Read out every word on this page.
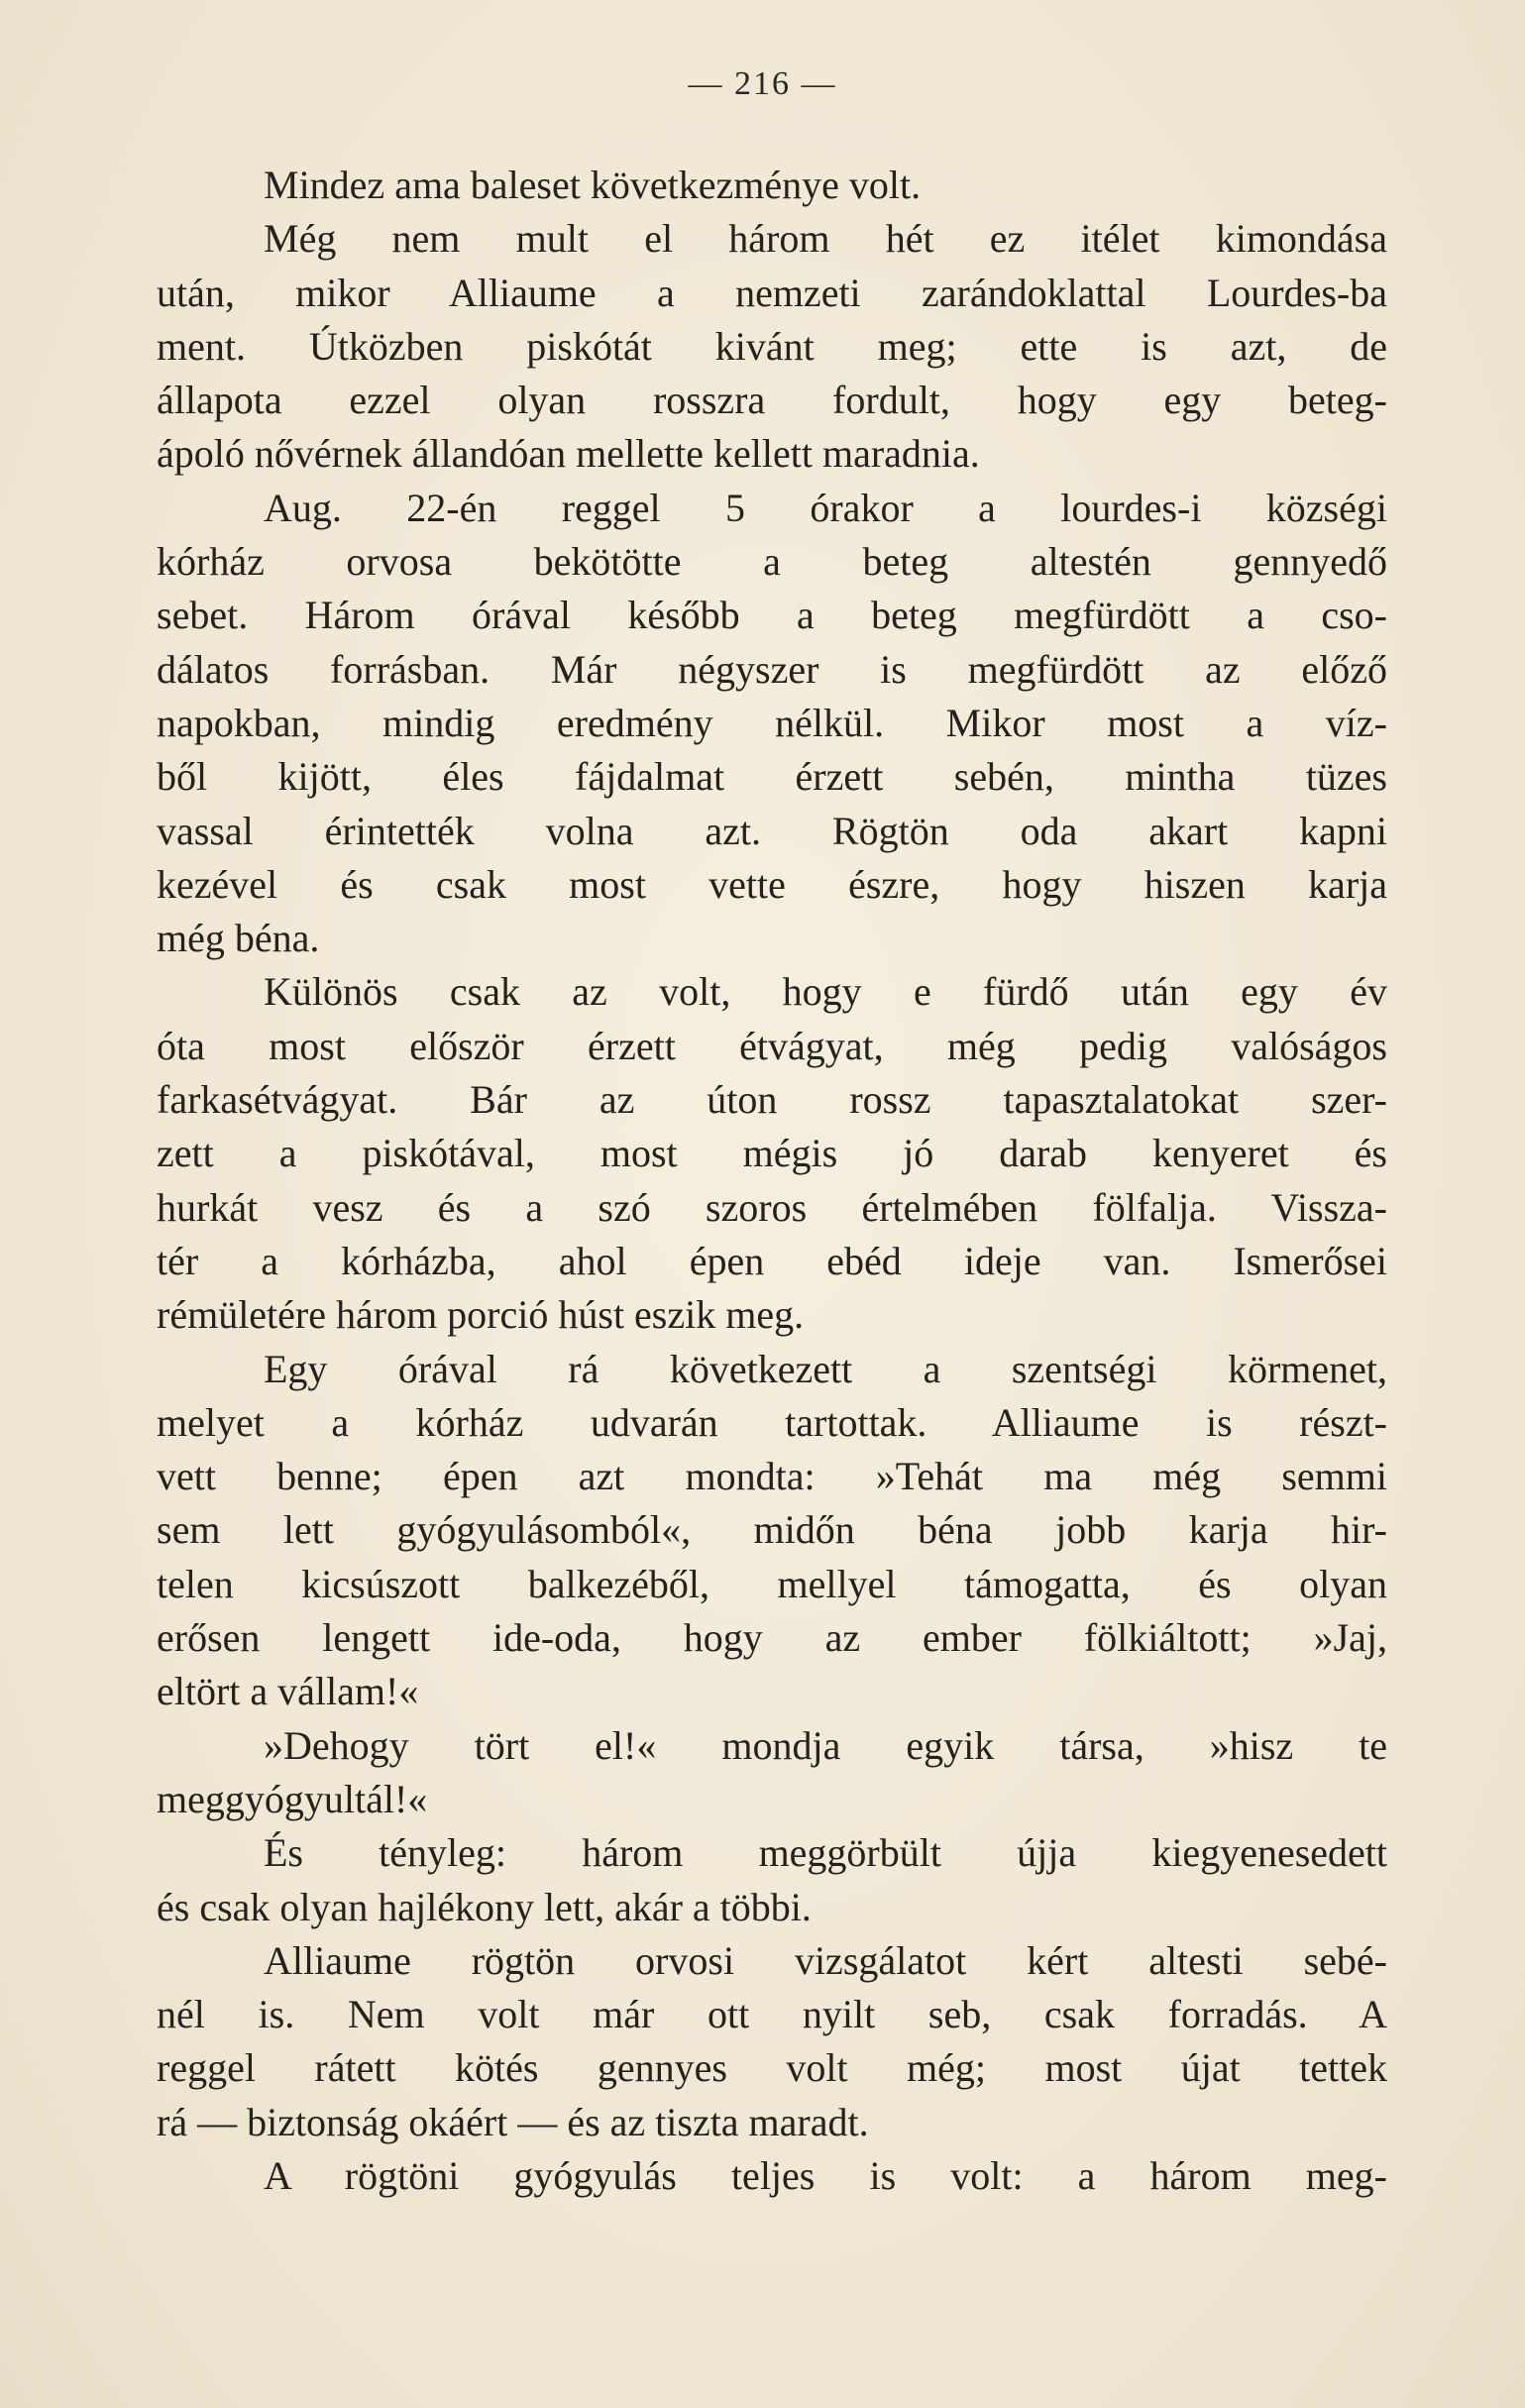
— 216 —
Mindez ama baleset következménye volt.
Még nem mult el három hét ez itélet kimondása
után, mikor Alliaume a nemzeti zarándoklattal Lourdes-ba
ment. Útközben piskótát kivánt meg; ette is azt, de
állapota ezzel olyan rosszra fordult, hogy egy beteg-
ápoló nővérnek állandóan mellette kellett maradnia.
Aug. 22-én reggel 5 órakor a lourdes-i községi
kórház orvosa bekötötte a beteg altestén gennyedő
sebet. Három órával később a beteg megfürdött a cso-
dálatos forrásban. Már négyszer is megfürdött az előző
napokban, mindig eredmény nélkül. Mikor most a víz-
ből kijött, éles fájdalmat érzett sebén, mintha tüzes
vassal érintették volna azt. Rögtön oda akart kapni
kezével és csak most vette észre, hogy hiszen karja
még béna.
Különös csak az volt, hogy e fürdő után egy év
óta most először érzett étvágyat, még pedig valóságos
farkasétvágyat. Bár az úton rossz tapasztalatokat szer-
zett a piskótával, most mégis jó darab kenyeret és
hurkát vesz és a szó szoros értelmében fölfalja. Vissza-
tér a kórházba, ahol épen ebéd ideje van. Ismerősei
rémületére három porció húst eszik meg.
Egy órával rá következett a szentségi körmenet,
melyet a kórház udvarán tartottak. Alliaume is részt-
vett benne; épen azt mondta: »Tehát ma még semmi
sem lett gyógyulásomból«, midőn béna jobb karja hir-
telen kicsúszott balkezéből, mellyel támogatta, és olyan
erősen lengett ide-oda, hogy az ember fölkiáltott; »Jaj,
eltört a vállam!«
»Dehogy tört el!« mondja egyik társa, »hisz te
meggyógyultál!«
És tényleg: három meggörbült újja kiegyenesedett
és csak olyan hajlékony lett, akár a többi.
Alliaume rögtön orvosi vizsgálatot kért altesti sebé-
nél is. Nem volt már ott nyilt seb, csak forradás. A
reggel rátett kötés gennyes volt még; most újat tettek
rá — biztonság okáért — és az tiszta maradt.
A rögtöni gyógyulás teljes is volt: a három meg-
